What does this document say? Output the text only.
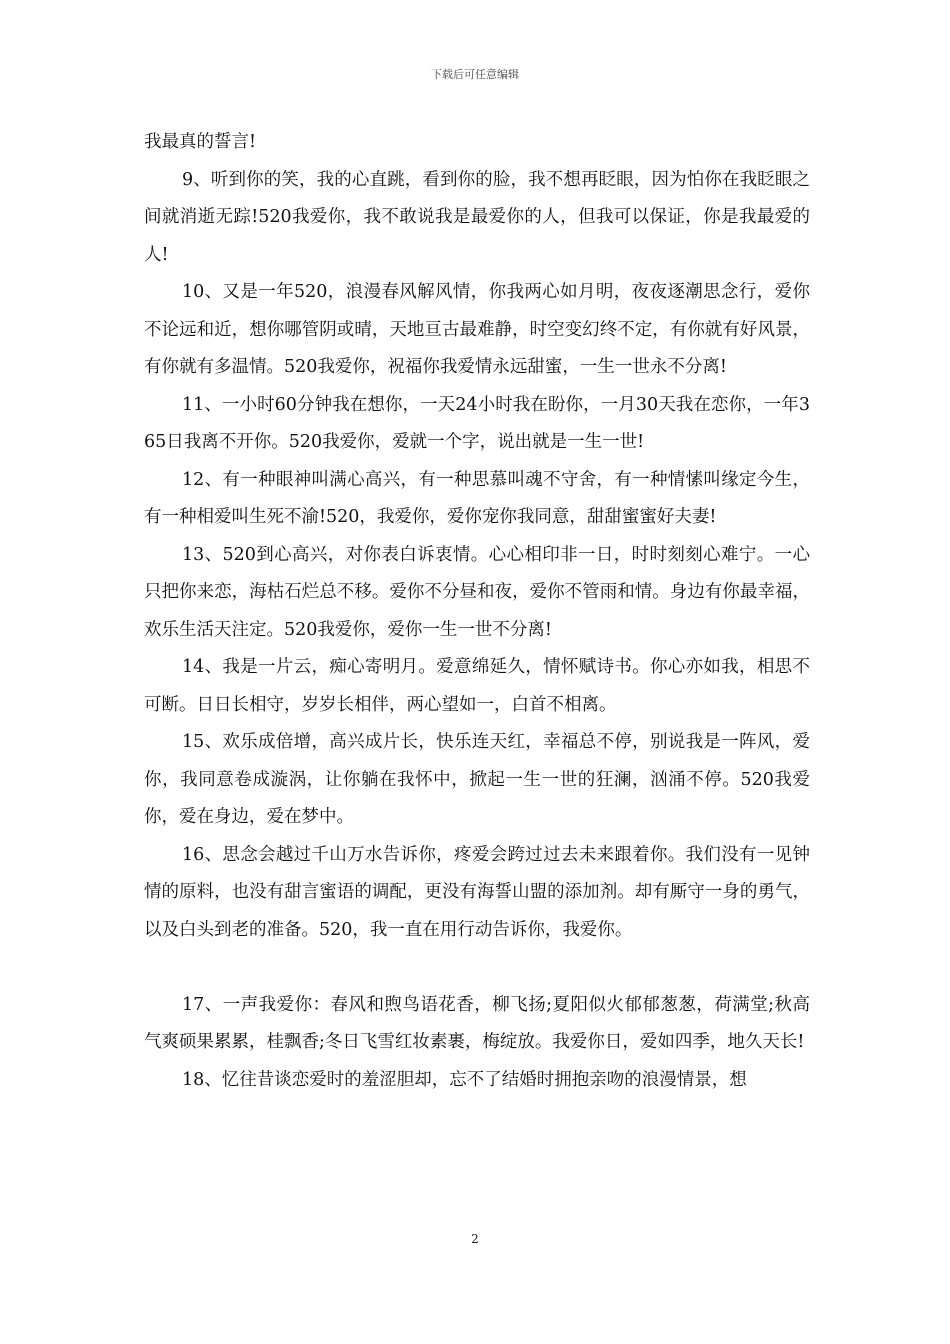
下载后可任意编辑

我最真的誓言!

9、听到你的笑，我的心直跳，看到你的脸，我不想再眨眼，因为怕你在我眨眼之间就消逝无踪!520我爱你，我不敢说我是最爱你的人，但我可以保证，你是我最爱的人!

10、又是一年520，浪漫春风解风情，你我两心如月明，夜夜逐潮思念行，爱你不论远和近，想你哪管阴或晴，天地亘古最难静，时空变幻终不定，有你就有好风景，有你就有多温情。520我爱你，祝福你我爱情永远甜蜜，一生一世永不分离!

11、一小时60分钟我在想你，一天24小时我在盼你，一月30天我在恋你，一年365日我离不开你。520我爱你，爱就一个字，说出就是一生一世!

12、有一种眼神叫满心高兴，有一种思慕叫魂不守舍，有一种情愫叫缘定今生，有一种相爱叫生死不渝!520，我爱你，爱你宠你我同意，甜甜蜜蜜好夫妻!

13、520到心高兴，对你表白诉衷情。心心相印非一日，时时刻刻心难宁。一心只把你来恋，海枯石烂总不移。爱你不分昼和夜，爱你不管雨和情。身边有你最幸福，欢乐生活天注定。520我爱你，爱你一生一世不分离!

14、我是一片云，痴心寄明月。爱意绵延久，情怀赋诗书。你心亦如我，相思不可断。日日长相守，岁岁长相伴，两心望如一，白首不相离。

15、欢乐成倍增，高兴成片长，快乐连天红，幸福总不停，别说我是一阵风，爱你，我同意卷成漩涡，让你躺在我怀中，掀起一生一世的狂澜，汹涌不停。520我爱你，爱在身边，爱在梦中。

16、思念会越过千山万水告诉你，疼爱会跨过过去未来跟着你。我们没有一见钟情的原料，也没有甜言蜜语的调配，更没有海誓山盟的添加剂。却有厮守一身的勇气，以及白头到老的准备。520，我一直在用行动告诉你，我爱你。

17、一声我爱你：春风和煦鸟语花香，柳飞扬;夏阳似火郁郁葱葱，荷满堂;秋高气爽硕果累累，桂飘香;冬日飞雪红妆素裹，梅绽放。我爱你日，爱如四季，地久天长!

18、忆往昔谈恋爱时的羞涩胆却，忘不了结婚时拥抱亲吻的浪漫情景，想

2
